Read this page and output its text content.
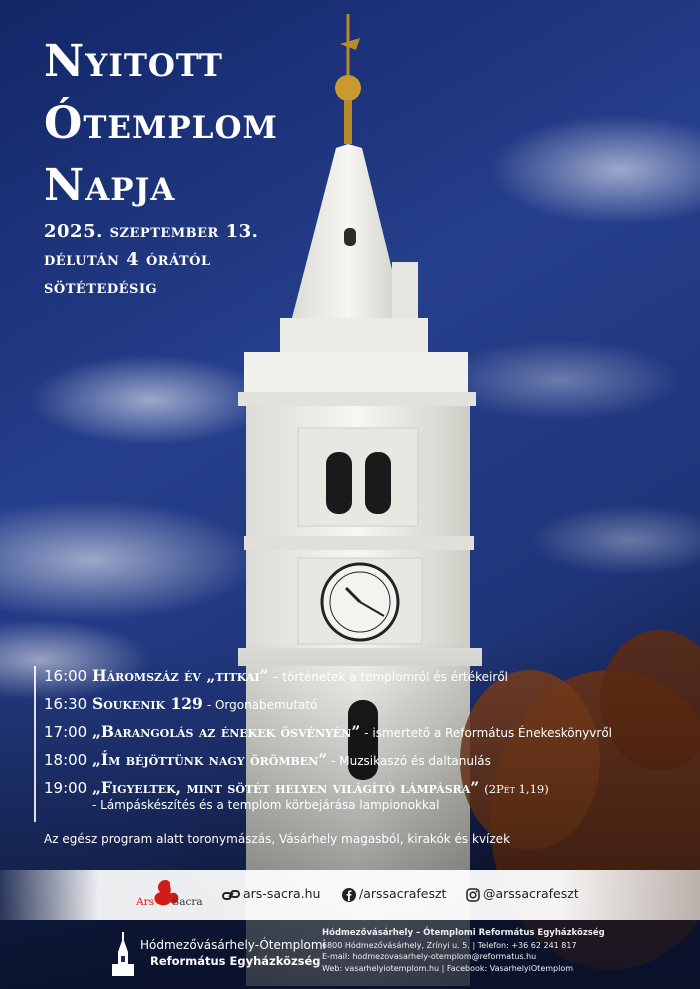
Nyitott
Ótemplom
Napja
2025. szeptember 13.
délután 4 órától
sötétedésig
16:00 Háromszáz év „titkai” – történetek a templomról és értékeiről
16:30 Soukenik 129 - Orgonabemutató
17:00 „Barangolás az énekek ösvényén” - ismertető a Református Énekeskönyvről
18:00 „Ím béjöttünk nagy örömben” - Muzsikaszó és daltanulás
19:00 „Figyeltek, mint sötét helyen világító lámpásra” (2Pét 1,19)
- Lámpáskészítés és a templom körbejárása lampionokkal
Az egész program alatt toronymászás, Vásárhely magasból, kirakók és kvízek
Ars Sacra
ars-sacra.hu	/arssacrafeszt	@arssacrafeszt
Hódmezővásárhely-Ótemplomi
Református Egyházközség
Hódmezővásárhely – Ótemplomi Református Egyházközség
6800 Hódmezővásárhely, Zrínyi u. 5. | Telefon: +36 62 241 817
E-mail: hodmezovasarhely-otemplom@reformatus.hu
Web: vasarhelyiotemplom.hu | Facebook: VasarhelyiOtemplom
